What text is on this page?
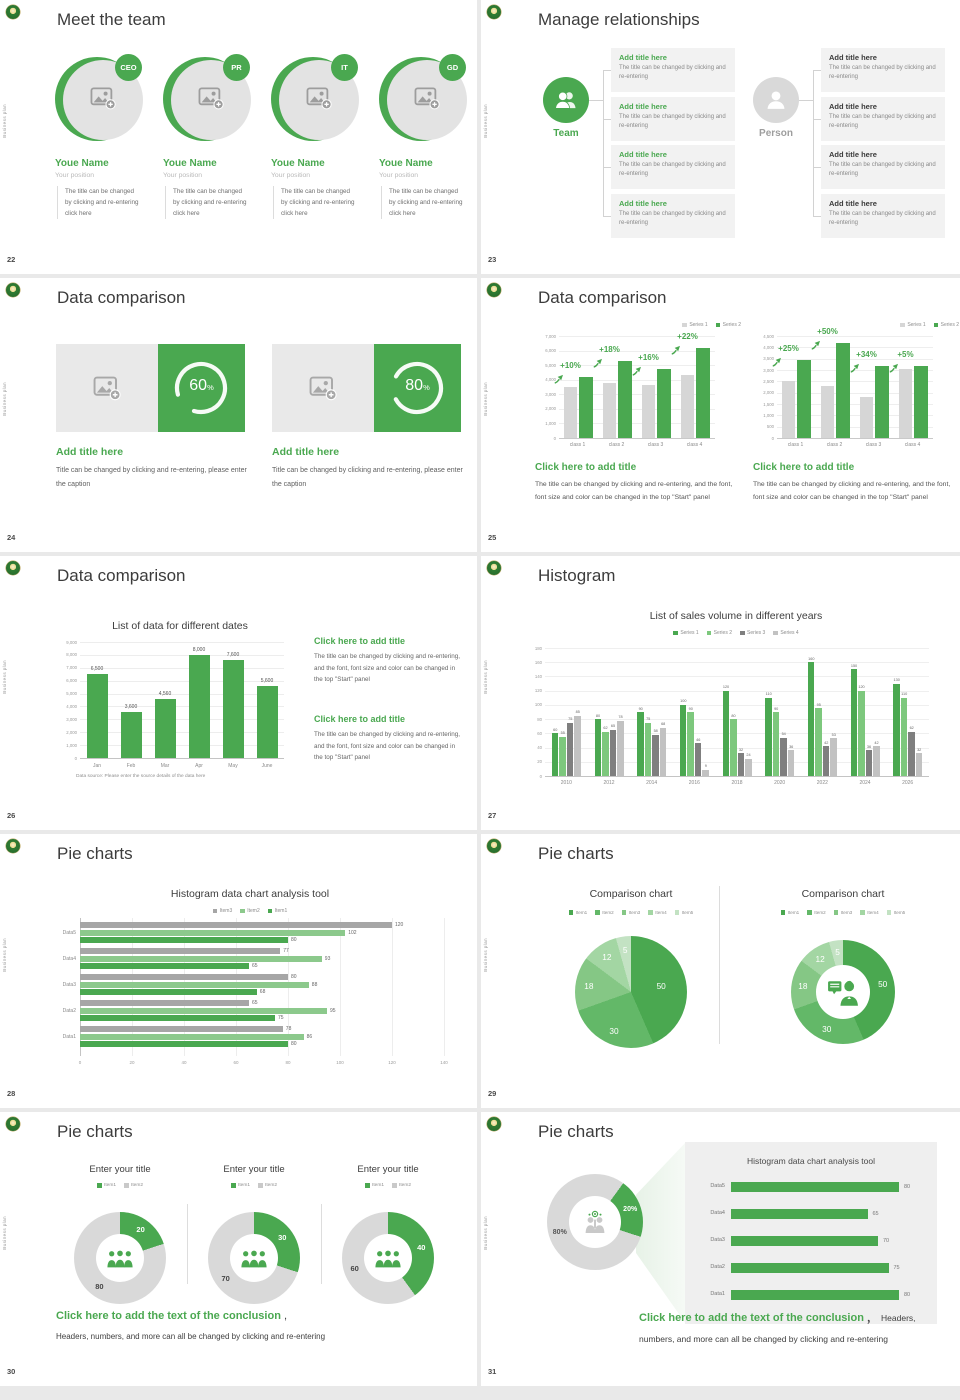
Business plan
Meet the team
CEO
Youe Name
Your position
The title can be changed by clicking and re-entering click here
PR
Youe Name
Your position
The title can be changed by clicking and re-entering click here
IT
Youe Name
Your position
The title can be changed by clicking and re-entering click here
GD
Youe Name
Your position
The title can be changed by clicking and re-entering click here
22
Business plan
Manage relationships
Team
Add title here
The title can be changed by clicking and re-entering
Add title here
The title can be changed by clicking and re-entering
Add title here
The title can be changed by clicking and re-entering
Add title here
The title can be changed by clicking and re-entering
Person
Add title here
The title can be changed by clicking and re-entering
Add title here
The title can be changed by clicking and re-entering
Add title here
The title can be changed by clicking and re-entering
Add title here
The title can be changed by clicking and re-entering
23
Business plan
Data comparison
60%
Add title here
Title can be changed by clicking and re-entering, please enter the caption
80%
Add title here
Title can be changed by clicking and re-entering, please enter the caption
24
Business plan
Data comparison
Series 1	Series 2
0
1,000
2,000
3,000
4,000
5,000
6,000
7,000
+10%
class 1
+18%
class 2
+16%
class 3
+22%
class 4
Click here to add title
The title can be changed by clicking and re-entering, and the font, font size and color can be changed in the top "Start" panel
Series 1	Series 2
0
500
1,000
1,500
2,000
2,500
3,000
3,500
4,000
4,500
+25%
class 1
+50%
class 2
+34%
class 3
+5%
class 4
Click here to add title
The title can be changed by clicking and re-entering, and the font, font size and color can be changed in the top "Start" panel
25
Business plan
Data comparison
List of data for different dates
0
1,000
2,000
3,000
4,000
5,000
6,000
7,000
8,000
9,000
6,500
Jan
3,600
Feb
4,560
Mar
8,000
Apr
7,600
May
5,600
June
Data source: Please enter the source details of the data here
Click here to add title
The title can be changed by clicking and re-entering, and the font, font size and color can be changed in the top "Start" panel
Click here to add title
The title can be changed by clicking and re-entering, and the font, font size and color can be changed in the top "Start" panel
26
Business plan
Histogram
List of sales volume in different years
Series 1	Series 2	Series 3	Series 4
0
20
40
60
80
100
120
140
160
180
60
55
75
85
2010
80
62
65
78
2012
90
75
58
68
2014
100
90
46
9
2016
120
80
32
24
2018
110
90
54
36
2020
160
95
42
53
2022
150
120
36
42
2024
130
110
62
32
2026
27
Business plan
Pie charts
Histogram data chart analysis tool
Item3	Item2	Item1
0	20	40	60	80	100	120	140
Data5
120
102
80
Data4
77
93
65
Data3
80
88
68
Data2
65
95
75
Data1
78
86
80
28
Business plan
Pie charts
Comparison chart
Item1	Item2	Item3	Item4	Item5
50
30
18
12
5
Comparison chart
Item1	Item2	Item3	Item4	Item5
50
30
18
12
5
29
Business plan
Pie charts
Enter your title
Item1	Item2
20
80
Enter your title
Item1	Item2
30
70
Enter your title
Item1	Item2
40
60
Click here to add the text of the conclusion ,
Headers, numbers, and more can all be changed by clicking and re-entering
30
Business plan
Pie charts
20%
80%
Histogram data chart analysis tool
Data5	80
Data4	65
Data3	70
Data2	75
Data1	80
Click here to add the text of the conclusion ， Headers, numbers, and more can all be changed by clicking and re-entering
31
